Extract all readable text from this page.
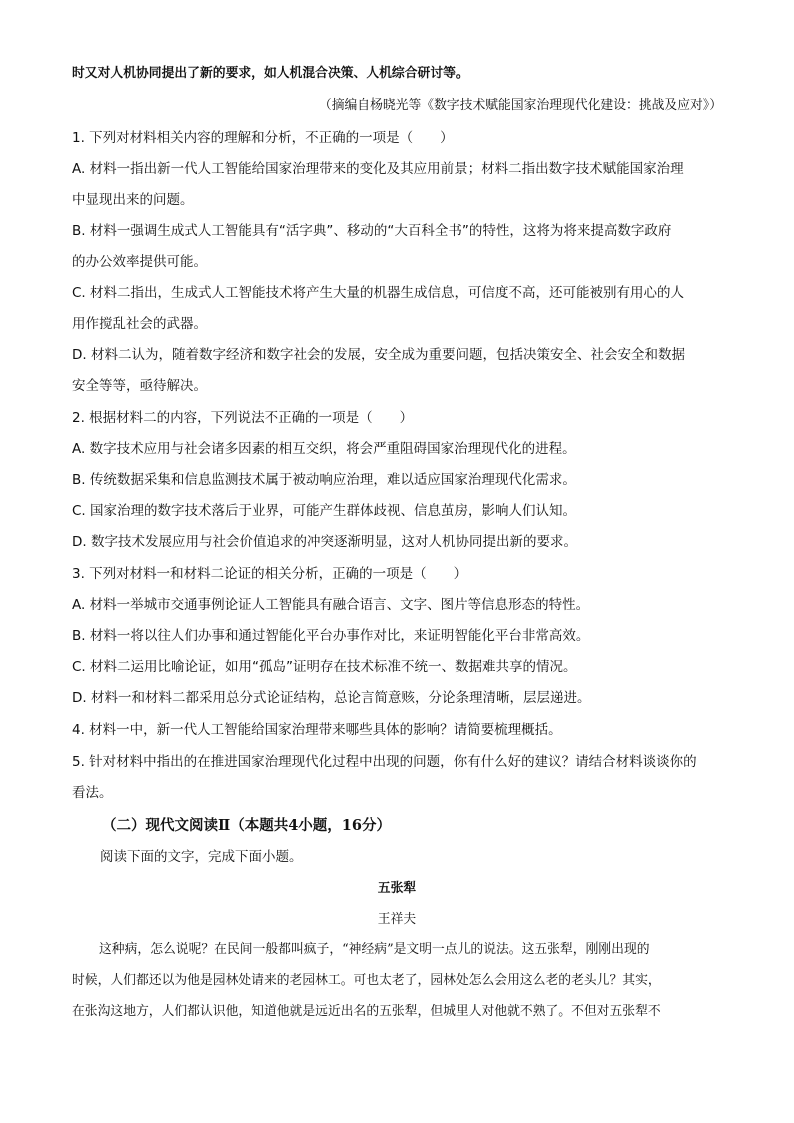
时又对人机协同提出了新的要求，如人机混合决策、人机综合研讨等。
（摘编自杨晓光等《数字技术赋能国家治理现代化建设：挑战及应对》）
1. 下列对材料相关内容的理解和分析，不正确的一项是（　　）
A. 材料一指出新一代人工智能给国家治理带来的变化及其应用前景；材料二指出数字技术赋能国家治理
中显现出来的问题。
B. 材料一强调生成式人工智能具有“活字典”、移动的“大百科全书”的特性，这将为将来提高数字政府
的办公效率提供可能。
C. 材料二指出，生成式人工智能技术将产生大量的机器生成信息，可信度不高，还可能被别有用心的人
用作搅乱社会的武器。
D. 材料二认为，随着数字经济和数字社会的发展，安全成为重要问题，包括决策安全、社会安全和数据
安全等等，亟待解决。
2. 根据材料二的内容，下列说法不正确的一项是（　　）
A. 数字技术应用与社会诸多因素的相互交织，将会严重阻碍国家治理现代化的进程。
B. 传统数据采集和信息监测技术属于被动响应治理，难以适应国家治理现代化需求。
C. 国家治理的数字技术落后于业界，可能产生群体歧视、信息茧房，影响人们认知。
D. 数字技术发展应用与社会价值追求的冲突逐渐明显，这对人机协同提出新的要求。
3. 下列对材料一和材料二论证的相关分析，正确的一项是（　　）
A. 材料一举城市交通事例论证人工智能具有融合语言、文字、图片等信息形态的特性。
B. 材料一将以往人们办事和通过智能化平台办事作对比，来证明智能化平台非常高效。
C. 材料二运用比喻论证，如用“孤岛”证明存在技术标准不统一、数据难共享的情况。
D. 材料一和材料二都采用总分式论证结构，总论言简意赅，分论条理清晰，层层递进。
4. 材料一中，新一代人工智能给国家治理带来哪些具体的影响？请简要梳理概括。
5. 针对材料中指出的在推进国家治理现代化过程中出现的问题，你有什么好的建议？请结合材料谈谈你的
看法。
（二）现代文阅读Ⅱ（本题共4小题，16分）
阅读下面的文字，完成下面小题。
五张犁
王祥夫
这种病，怎么说呢？在民间一般都叫疯子，“神经病”是文明一点儿的说法。这五张犁，刚刚出现的
时候，人们都还以为他是园林处请来的老园林工。可也太老了，园林处怎么会用这么老的老头儿？其实，
在张沟这地方，人们都认识他，知道他就是远近出名的五张犁，但城里人对他就不熟了。不但对五张犁不
